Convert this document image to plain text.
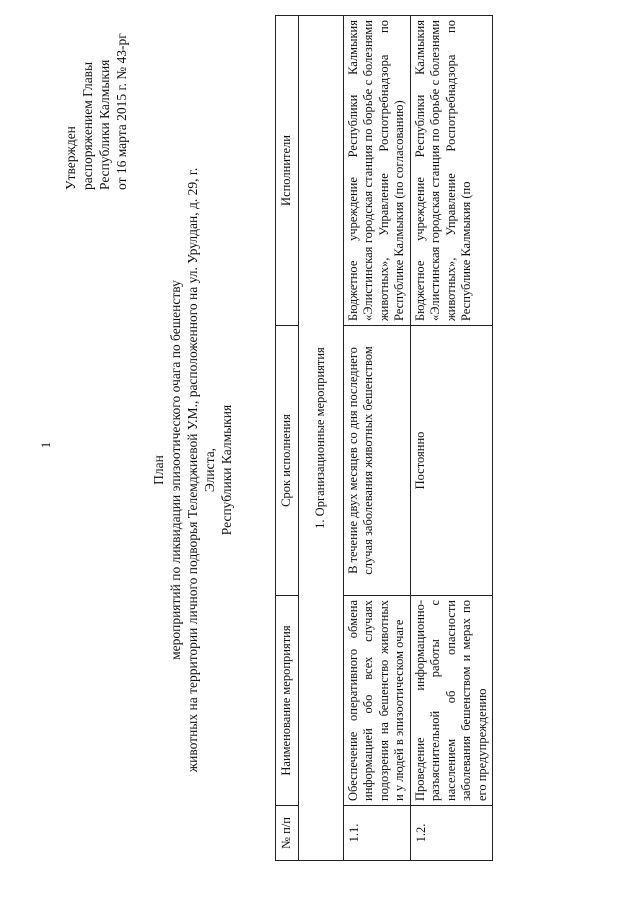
1
Утвержден распоряжением Главы Республики Калмыкия от 16 марта 2015 г. № 43-рг
План мероприятий по ликвидации эпизоотического очага по бешенству животных на территории личного подворья Телемджиевой У.М., расположенного на ул. Урулдан, д. 29, г. Элиста, Республики Калмыкия
№ п/п	Наименование мероприятия	Срок исполнения	Исполнители
1. Организационные мероприятия			
1.1.	Обеспечение оперативного обмена информацией обо всех случаях подозрения на бешенство животных и у людей в эпизоотическом очаге	В течение двух месяцев со дня последнего случая заболевания животных бешенством	Бюджетное учреждение Республики Калмыкия «Элистинская городская станция по борьбе с болезнями животных», Управление Роспотребнадзора по Республике Калмыкия (по согласованию)
1.2.	Проведение информационно-разъяснительной работы с населением об опасности заболевания бешенством и мерах по его предупреждению	Постоянно	Бюджетное учреждение Республики Калмыкия «Элистинская городская станция по борьбе с болезнями животных», Управление Роспотребнадзора по Республике Калмыкия (по
